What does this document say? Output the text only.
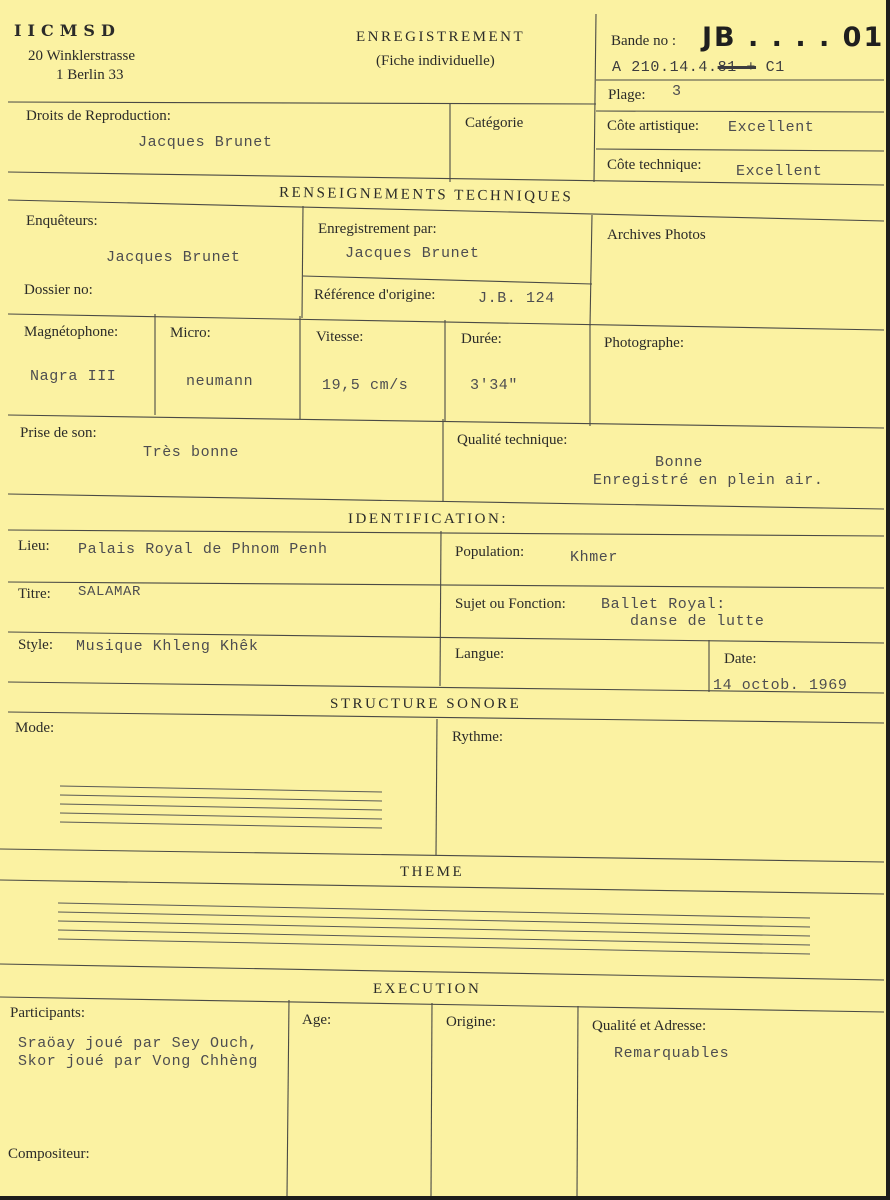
IICMSD
20 Winklerstrasse
1 Berlin 33
ENREGISTREMENT
(Fiche individuelle)
Bande no : JB . . . . 01
A 210.14.4.81 + C1
Plage: 3
Droits de Reproduction:
Jacques Brunet
Catégorie	Côte artistique: Excellent
Côte technique: Excellent
RENSEIGNEMENTS TECHNIQUES
Enquêteurs:
Jacques Brunet
Enregistrement par:
Jacques Brunet
Archives Photos
Dossier no:	Référence d'origine:	J.B. 124
Magnétophone:
Nagra III
Micro:
neumann
Vitesse:
19,5 cm/s
Durée:
3'34"
Photographe:
Prise de son:
Très bonne
Qualité technique:
Bonne
Enregistré en plein air.
IDENTIFICATION:
Lieu: Palais Royal de Phnom Penh	Population:	Khmer
Titre: SALAMAR
Sujet ou Fonction: Ballet Royal:
danse de lutte
Style: Musique Khleng Khêk	Langue:	Date:
14 octob. 1969
STRUCTURE SONORE
Mode:
Rythme:
THEME
EXECUTION
Participants:
Sraöay joué par Sey Ouch,
Skor joué par Vong Chhèng
Age:	Origine:	Qualité et Adresse:
Remarquables
Compositeur:
